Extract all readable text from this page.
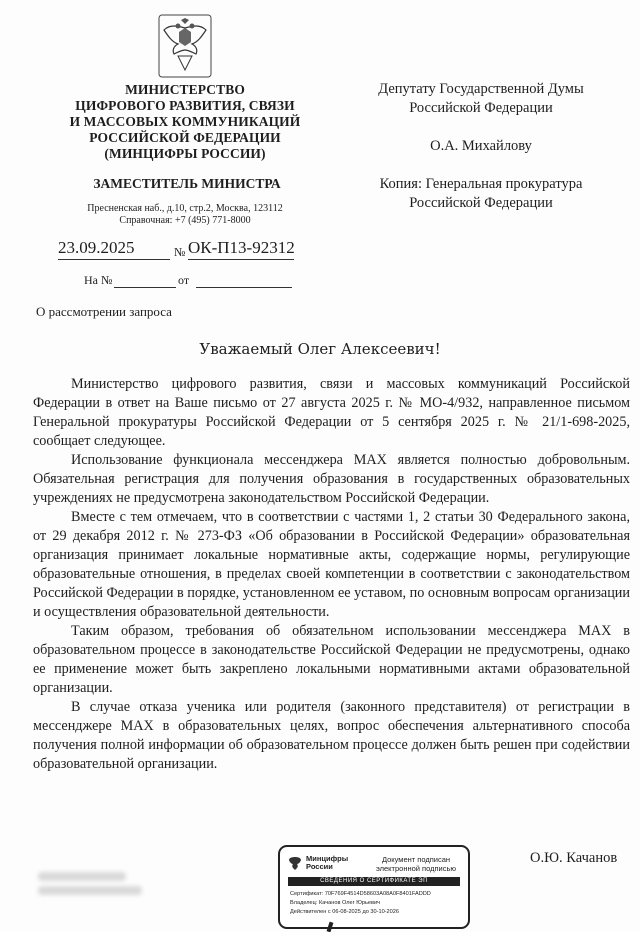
МИНИСТЕРСТВО
ЦИФРОВОГО РАЗВИТИЯ, СВЯЗИ
И МАССОВЫХ КОММУНИКАЦИЙ
РОССИЙСКОЙ ФЕДЕРАЦИИ
(МИНЦИФРЫ РОССИИ)
ЗАМЕСТИТЕЛЬ МИНИСТРА
Пресненская наб., д.10, стр.2, Москва, 123112
Справочная: +7 (495) 771-8000
23.09.2025	№ ОК-П13-92312
На №	от
Депутату Государственной Думы
Российской Федерации
О.А. Михайлову
Копия: Генеральная прокуратура
Российской Федерации
О рассмотрении запроса
Уважаемый Олег Алексеевич!

Министерство цифрового развития, связи и массовых коммуникаций Российской Федерации в ответ на Ваше письмо от 27 августа 2025 г. № МО-4/932, направленное письмом Генеральной прокуратуры Российской Федерации от 5 сентября 2025 г. № 21/1-698-2025, сообщает следующее.

Использование функционала мессенджера MAX является полностью добровольным. Обязательная регистрация для получения образования в государственных образовательных учреждениях не предусмотрена законодательством Российской Федерации.

Вместе с тем отмечаем, что в соответствии с частями 1, 2 статьи 30 Федерального закона, от 29 декабря 2012 г. № 273-ФЗ «Об образовании в Российской Федерации» образовательная организация принимает локальные нормативные акты, содержащие нормы, регулирующие образовательные отношения, в пределах своей компетенции в соответствии с законодательством Российской Федерации в порядке, установленном ее уставом, по основным вопросам организации и осуществления образовательной деятельности.

Таким образом, требования об обязательном использовании мессенджера MAX в образовательном процессе в законодательстве Российской Федерации не предусмотрены, однако ее применение может быть закреплено локальными нормативными актами образовательной организации.

В случае отказа ученика или родителя (законного представителя) от регистрации в мессенджере MAX в образовательных целях, вопрос обеспечения альтернативного способа получения полной информации об образовательном процессе должен быть решен при содействии образовательной организации.

О.Ю. Качанов
Минцифры
России
Документ подписан
электронной подписью
СВЕДЕНИЯ О СЕРТИФИКАТЕ ЭП
Сертификат: 70F769F4514D58603A08A0F8401FADDD
Владелец: Качанов Олег Юрьевич
Действителен с 06-08-2025 до 30-10-2026
